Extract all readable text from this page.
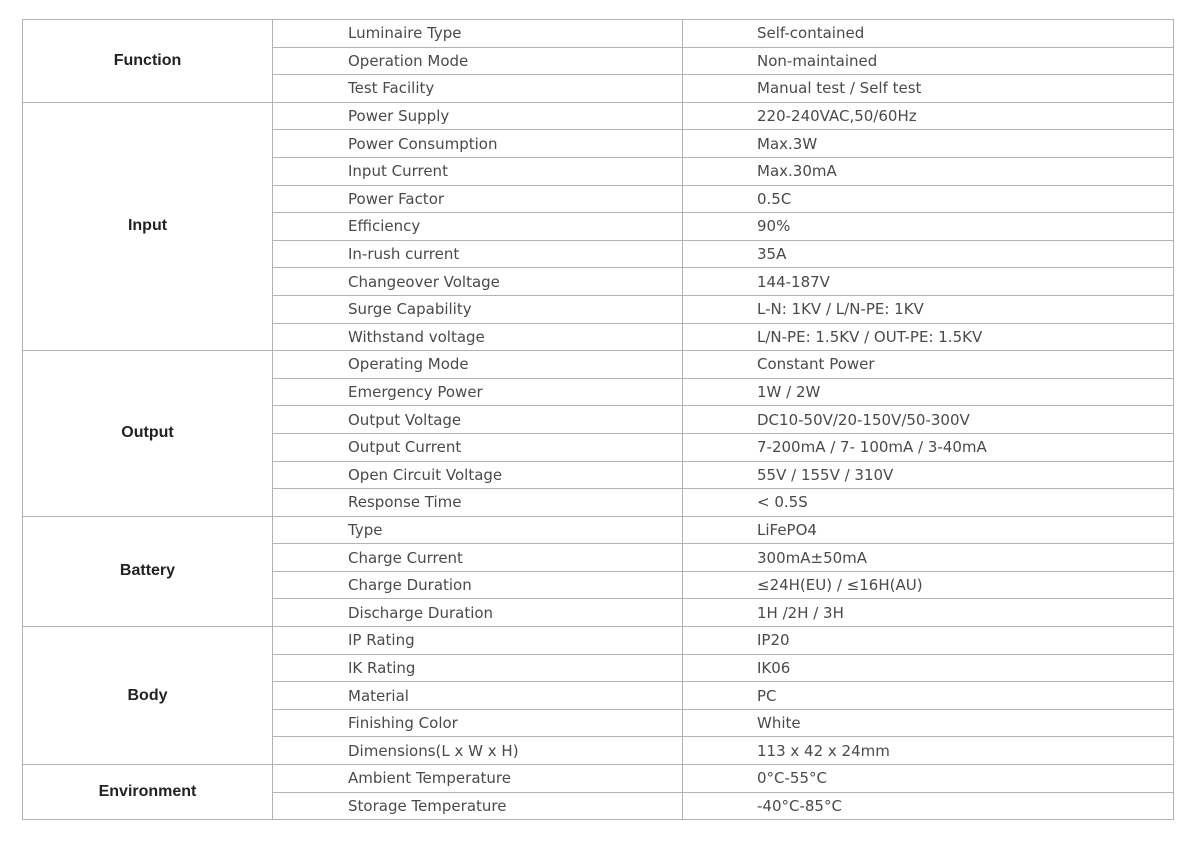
Function	Luminaire Type	Self-contained
	Operation Mode	Non-maintained
	Test Facility	Manual test / Self test
Input	Power Supply	220-240VAC,50/60Hz
	Power Consumption	Max.3W
	Input Current	Max.30mA
	Power Factor	0.5C
	Efficiency	90%
	In-rush current	35A
	Changeover Voltage	144-187V
	Surge Capability	L-N: 1KV / L/N-PE: 1KV
	Withstand voltage	L/N-PE: 1.5KV / OUT-PE: 1.5KV
Output	Operating Mode	Constant Power
	Emergency Power	1W / 2W
	Output Voltage	DC10-50V/20-150V/50-300V
	Output Current	7-200mA / 7- 100mA / 3-40mA
	Open Circuit Voltage	55V / 155V / 310V
	Response Time	< 0.5S
Battery	Type	LiFePO4
	Charge Current	300mA±50mA
	Charge Duration	≤24H(EU) / ≤16H(AU)
	Discharge Duration	1H /2H / 3H
Body	IP Rating	IP20
	IK Rating	IK06
	Material	PC
	Finishing Color	White
	Dimensions(L x W x H)	113 x 42 x 24mm
Environment	Ambient Temperature	0°C-55°C
	Storage Temperature	-40°C-85°C
